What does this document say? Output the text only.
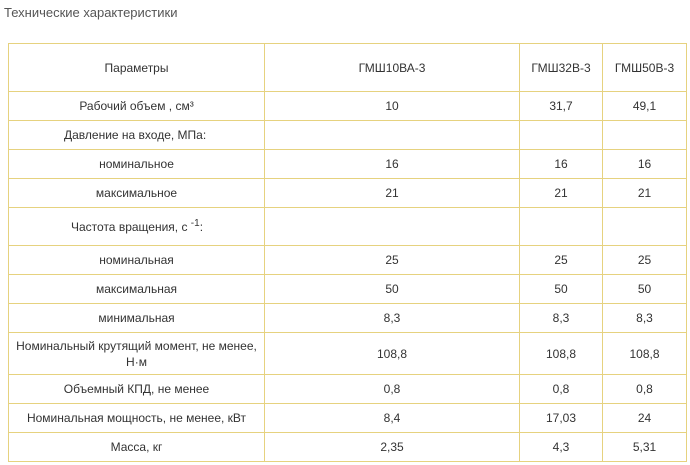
Технические характеристики
Параметры	ГМШ10ВА-3	ГМШ32В-3	ГМШ50В-3
Рабочий объем , см³	10	31,7	49,1
Давление на входе, МПа:			
номинальное	16	16	16
максимальное	21	21	21
Частота вращения, с $^{-1}$:			
номинальная	25	25	25
максимальная	50	50	50
минимальная	8,3	8,3	8,3
Номинальный крутящий момент, не менее, Н·м	108,8	108,8	108,8
Объемный КПД, не менее	0,8	0,8	0,8
Номинальная мощность, не менее, кВт	8,4	17,03	24
Масса, кг	2,35	4,3	5,31
